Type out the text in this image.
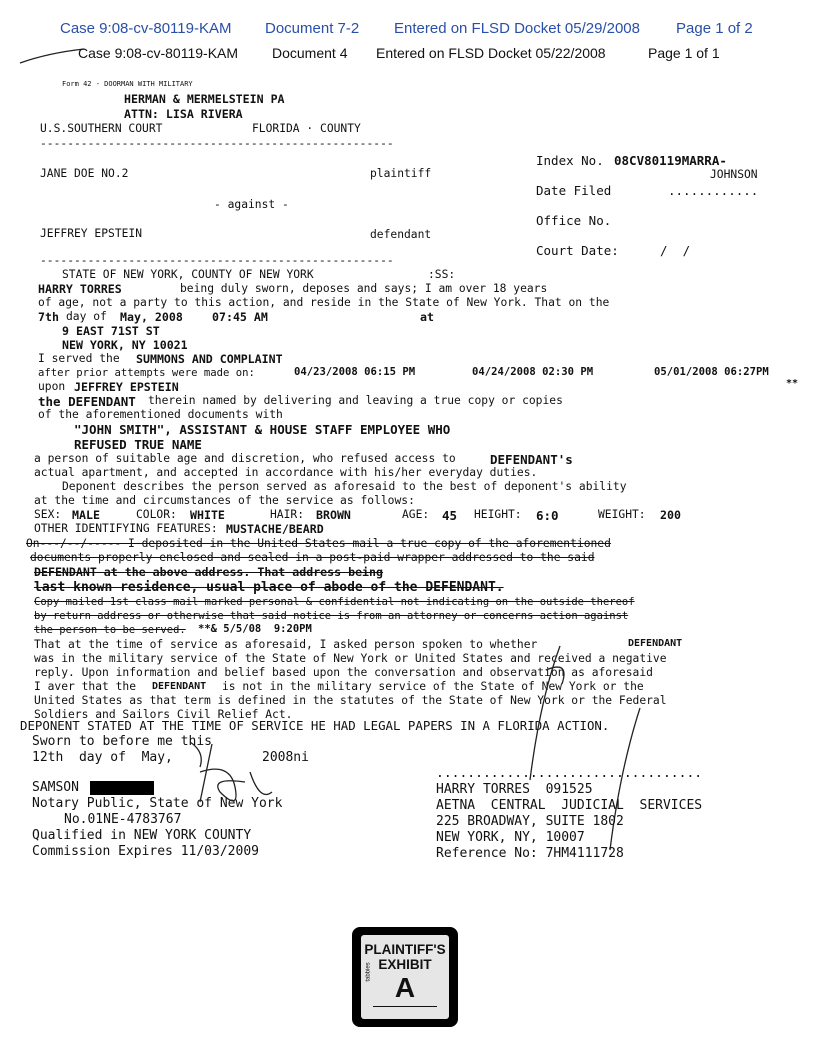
Case 9:08-cv-80119-KAM Document 7-2 Entered on FLSD Docket 05/29/2008 Page 1 of 2
Case 9:08-cv-80119-KAM Document 4 Entered on FLSD Docket 05/22/2008	Page 1 of 1
Form 42 - DOORMAN WITH MILITARY
HERMAN & MERMELSTEIN PA
ATTN: LISA RIVERA
U.S.SOUTHERN COURT	FLORIDA · COUNTY
----------------------------------------------------
JANE DOE NO.2	plaintiff
- against -
JEFFREY EPSTEIN	defendant
Index No. 08CV80119MARRA-
JOHNSON
Date Filed	............
Office No.
Court Date:	/  /
----------------------------------------------------
STATE OF NEW YORK, COUNTY OF NEW YORK	:SS:
HARRY TORRES	being duly sworn, deposes and says; I am over 18 years
of age, not a party to this action, and reside in the State of New York. That on the
7th day of May, 2008	07:45 AM	at
9 EAST 71ST ST
NEW YORK, NY 10021
I served the SUMMONS AND COMPLAINT
after prior attempts were made on:	04/23/2008 06:15 PM	04/24/2008 02:30 PM	05/01/2008 06:27PM
**
upon JEFFREY EPSTEIN
the DEFENDANT therein named by delivering and leaving a true copy or copies
of the aforementioned documents with
"JOHN SMITH", ASSISTANT & HOUSE STAFF EMPLOYEE WHO
REFUSED TRUE NAME
a person of suitable age and discretion, who refused access to	DEFENDANT's
actual apartment, and accepted in accordance with his/her everyday duties.
Deponent describes the person served as aforesaid to the best of deponent's ability
at the time and circumstances of the service as follows:
SEX: MALE	COLOR: WHITE	HAIR: BROWN	AGE: 45 HEIGHT: 6:0	WEIGHT: 200
OTHER IDENTIFYING FEATURES: MUSTACHE/BEARD
On---/--/----- I deposited in the United States mail a true copy of the aforementioned
documents properly enclosed and sealed in a post-paid wrapper addressed to the said
DEFENDANT at the above address. That address being
last known residence, usual place of abode of the DEFENDANT.
Copy mailed 1st class mail marked personal & confidential not indicating on the outside thereof
by return address or otherwise that said notice is from an attorney or concerns action against
the person to be served. **& 5/5/08  9:20PM
That at the time of service as aforesaid, I asked person spoken to whether	DEFENDANT
was in the military service of the State of New York or United States and received a negative
reply. Upon information and belief based upon the conversation and observation as aforesaid
I aver that the DEFENDANT is not in the military service of the State of New York or the
United States as that term is defined in the statutes of the State of New York or the Federal
Soldiers and Sailors Civil Relief Act.
DEPONENT STATED AT THE TIME OF SERVICE HE HAD LEGAL PAPERS IN A FLORIDA ACTION.
Sworn to before me this
12th  day of  May,	2008ni
SAMSON
Notary Public, State of New York
No.01NE-4783767
Qualified in NEW YORK COUNTY
Commission Expires 11/03/2009
..................................
HARRY TORRES  091525
AETNA  CENTRAL  JUDICIAL  SERVICES
225 BROADWAY, SUITE 1802
NEW YORK, NY, 10007
Reference No: 7HM4111728
PLAINTIFF'S
EXHIBIT
A
tabbies
